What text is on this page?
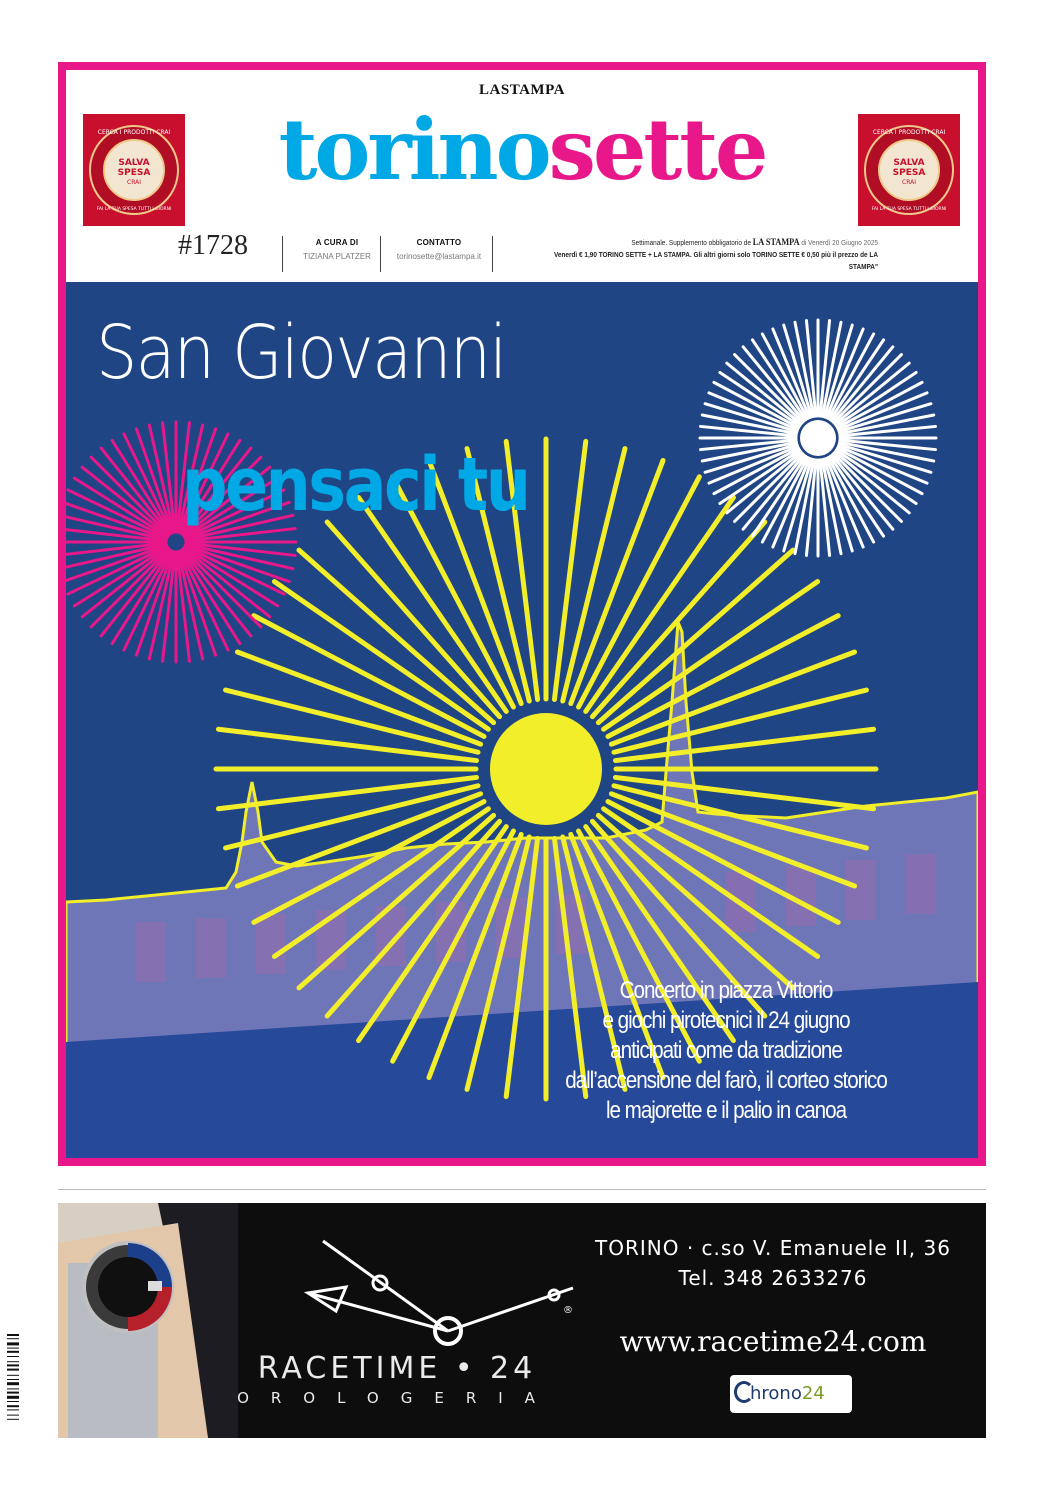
LASTAMPA
torinosette
CERCA I PRODOTTI CRAI
SALVA
SPESA
CRAI
FAI LA TUA SPESA TUTTI I GIORNI
CERCA I PRODOTTI CRAI
SALVA
SPESA
CRAI
FAI LA TUA SPESA TUTTI I GIORNI
#1728	A CURA DI
TIZIANA PLATZER
CONTATTO
torinosette@lastampa.it
Settimanale. Supplemento obbligatorio de LA STAMPA di Venerdì 20 Giugno 2025
Venerdì € 1,90 TORINO SETTE + LA STAMPA. Gli altri giorni solo TORINO SETTE € 0,50 più il prezzo de LA STAMPA"
San Giovanni
pensaci tu
Concerto in piazza Vittorio
e giochi pirotecnici il 24 giugno
anticipati come da tradizione
dall’accensione del farò, il corteo storico
le majorette e il palio in canoa
®
RACETIME • 24
OROLOGERIA
TORINO · c.so V. Emanuele II, 36
Tel. 348 2633276
www.racetime24.com
hrono24
